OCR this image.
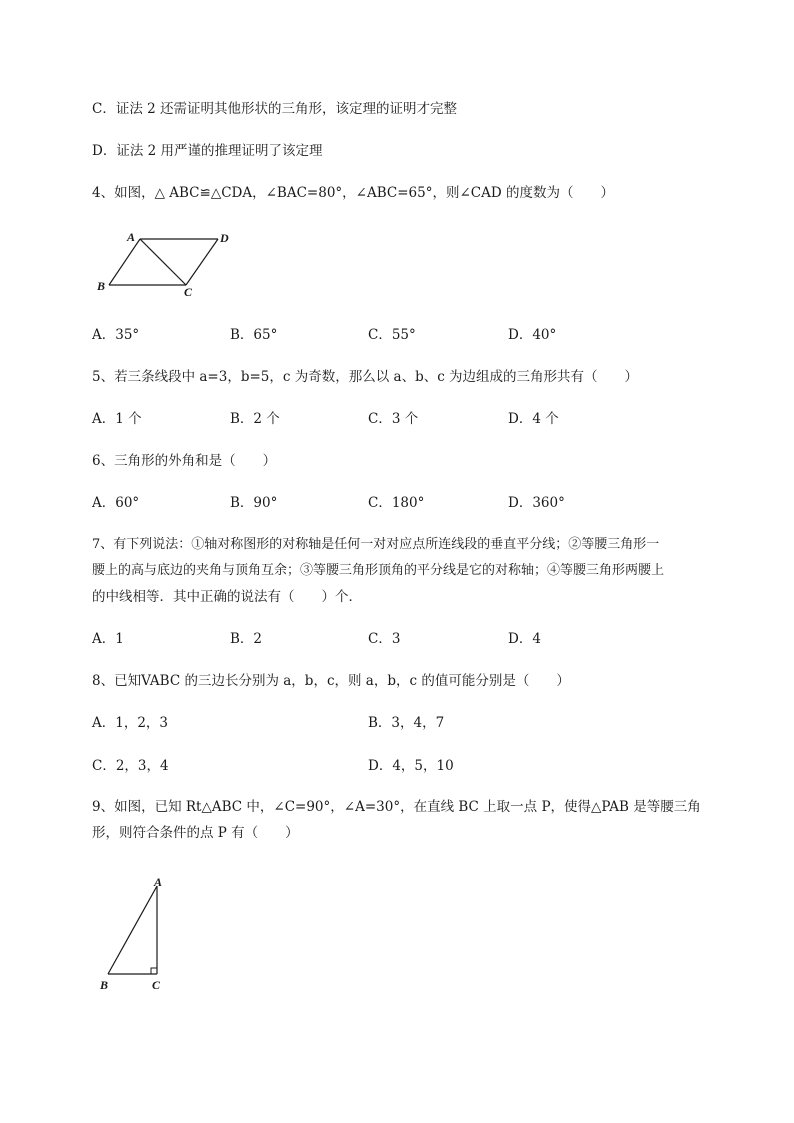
C．证法 2 还需证明其他形状的三角形，该定理的证明才完整
D．证法 2 用严谨的推理证明了该定理
4、如图，△ ABC≌△CDA，∠BAC=80°，∠ABC=65°，则∠CAD 的度数为（　　）
A	D
B	C
A．35°	B．65°	C．55°	D．40°
5、若三条线段中 a=3，b=5，c 为奇数，那么以 a、b、c 为边组成的三角形共有（　　）
A．1 个	B．2 个	C．3 个	D．4 个
6、三角形的外角和是（　　）
A．60°	B．90°	C．180°	D．360°
7、有下列说法：①轴对称图形的对称轴是任何一对对应点所连线段的垂直平分线；②等腰三角形一
腰上的高与底边的夹角与顶角互余；③等腰三角形顶角的平分线是它的对称轴；④等腰三角形两腰上
的中线相等．其中正确的说法有（　　）个．
A．1	B．2	C．3	D．4
8、已知VABC 的三边长分别为 a，b，c，则 a，b，c 的值可能分别是（　　）
A．1，2，3	B．3，4，7
C．2，3，4	D．4，5，10
9、如图，已知 Rt△ABC 中，∠C=90°，∠A=30°，在直线 BC 上取一点 P，使得△PAB 是等腰三角
形，则符合条件的点 P 有（　　）
A
B	C
